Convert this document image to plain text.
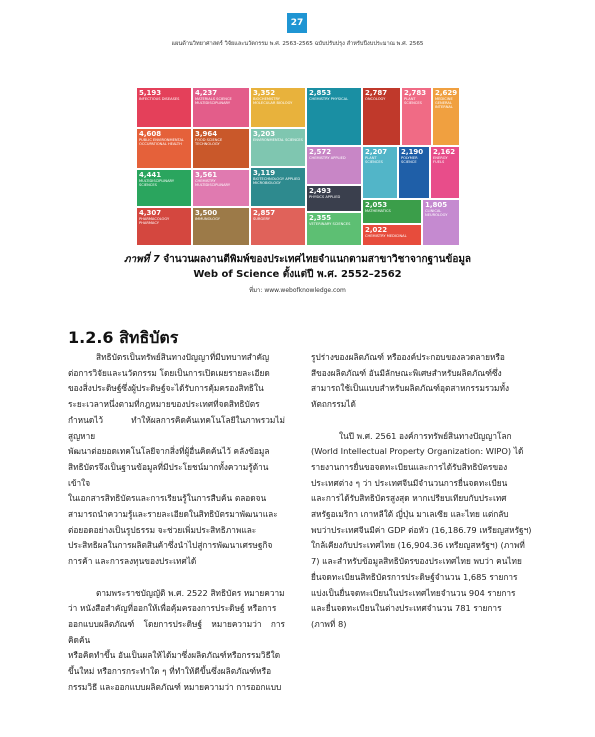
27
แผนด้านวิทยาศาสตร์ วิจัยและนวัตกรรม พ.ศ. 2563-2565 ฉบับปรับปรุง สำหรับปีงบประมาณ พ.ศ. 2565
5,193
INFECTIOUS DISEASES
4,608
PUBLIC ENVIRONMENTAL OCCUPATIONAL HEALTH
4,441
MULTIDISCIPLINARY SCIENCES
4,307
PHARMACOLOGY PHARMACY
4,237
MATERIALS SCIENCE MULTIDISCIPLINARY
3,964
FOOD SCIENCE TECHNOLOGY
3,561
CHEMISTRY MULTIDISCIPLINARY
3,500
IMMUNOLOGY
3,352
BIOCHEMISTRY MOLECULAR BIOLOGY
3,203
ENVIRONMENTAL SCIENCES
3,119
BIOTECHNOLOGY APPLIED MICROBIOLOGY
2,857
SURGERY
2,853
CHEMISTRY PHYSICAL
2,572
CHEMISTRY APPLIED
2,493
PHYSICS APPLIED
2,355
VETERINARY SCIENCES
2,787
ONCOLOGY
2,207
PLANT SCIENCES
2,053
MATHEMATICS
2,022
CHEMISTRY MEDICINAL
2,783
PLANT SCIENCES
2,190
POLYMER SCIENCE
2,629
MEDICINE GENERAL INTERNAL
2,162
ENERGY FUELS
1,805
CLINICAL NEUROLOGY
ภาพที่ 7 จำนวนผลงานตีพิมพ์ของประเทศไทยจำแนกตามสาขาวิชาจากฐานข้อมูล
Web of Science ตั้งแต่ปี พ.ศ. 2552–2562
ที่มา: www.webofknowledge.com
1.2.6 สิทธิบัตร

สิทธิบัตรเป็นทรัพย์สินทางปัญญาที่มีบทบาทสำคัญ

ต่อการวิจัยและนวัตกรรม โดยเป็นการเปิดเผยรายละเอียด

ของสิ่งประดิษฐ์ซึ่งผู้ประดิษฐ์จะได้รับการคุ้มครองสิทธิใน

ระยะเวลาหนึ่งตามที่กฎหมายของประเทศที่จดสิทธิบัตร

กำหนดไว้ ทำให้ผลการคิดค้นเทคโนโลยีในภาพรวมไม่สูญหาย

พัฒนาต่อยอดเทคโนโลยีจากสิ่งที่ผู้อื่นคิดค้นไว้ คลังข้อมูล

สิทธิบัตรจึงเป็นฐานข้อมูลที่มีประโยชน์มากทั้งความรู้ด้านเข้าใจ

ในเอกสารสิทธิบัตรและการเรียนรู้ในการสืบค้น ตลอดจน

สามารถนำความรู้และรายละเอียดในสิทธิบัตรมาพัฒนาและ

ต่อยอดอย่างเป็นรูปธรรม จะช่วยเพิ่มประสิทธิภาพและ

ประสิทธิผลในการผลิตสินค้าซึ่งนำไปสู่การพัฒนาเศรษฐกิจ

การค้า และการลงทุนของประเทศได้

ตามพระราชบัญญัติ พ.ศ. 2522 สิทธิบัตร หมายความ

ว่า หนังสือสำคัญที่ออกให้เพื่อคุ้มครองการประดิษฐ์ หรือการ

ออกแบบผลิตภัณฑ์ โดยการประดิษฐ์ หมายความว่า การคิดค้น

หรือคิดทำขึ้น อันเป็นผลให้ได้มาซึ่งผลิตภัณฑ์หรือกรรมวิธีใด

ขึ้นใหม่ หรือการกระทำใด ๆ ที่ทำให้ดีขึ้นซึ่งผลิตภัณฑ์หรือ

กรรมวิธี และออกแบบผลิตภัณฑ์ หมายความว่า การออกแบบ

รูปร่างของผลิตภัณฑ์ หรือองค์ประกอบของลวดลายหรือ

สีของผลิตภัณฑ์ อันมีลักษณะพิเศษสำหรับผลิตภัณฑ์ซึ่ง

สามารถใช้เป็นแบบสำหรับผลิตภัณฑ์อุตสาหกรรมรวมทั้ง

หัตถกรรมได้

ในปี พ.ศ. 2561 องค์การทรัพย์สินทางปัญญาโลก

(World Intellectual Property Organization: WIPO) ได้

รายงานการยื่นขอจดทะเบียนและการได้รับสิทธิบัตรของ

ประเทศต่าง ๆ ว่า ประเทศจีนมีจำนวนการยื่นจดทะเบียน

และการได้รับสิทธิบัตรสูงสุด หากเปรียบเทียบกับประเทศ

สหรัฐอเมริกา เกาหลีใต้ ญี่ปุ่น มาเลเซีย และไทย แต่กลับ

พบว่าประเทศจีนมีค่า GDP ต่อหัว (16,186.79 เหรียญสหรัฐฯ)

ใกล้เคียงกับประเทศไทย (16,904.36 เหรียญสหรัฐฯ) (ภาพที่

7) และสำหรับข้อมูลสิทธิบัตรของประเทศไทย พบว่า คนไทย

ยื่นจดทะเบียนสิทธิบัตรการประดิษฐ์จำนวน 1,685 รายการ

แบ่งเป็นยื่นจดทะเบียนในประเทศไทยจำนวน 904 รายการ

และยื่นจดทะเบียนในต่างประเทศจำนวน 781 รายการ

(ภาพที่ 8)
